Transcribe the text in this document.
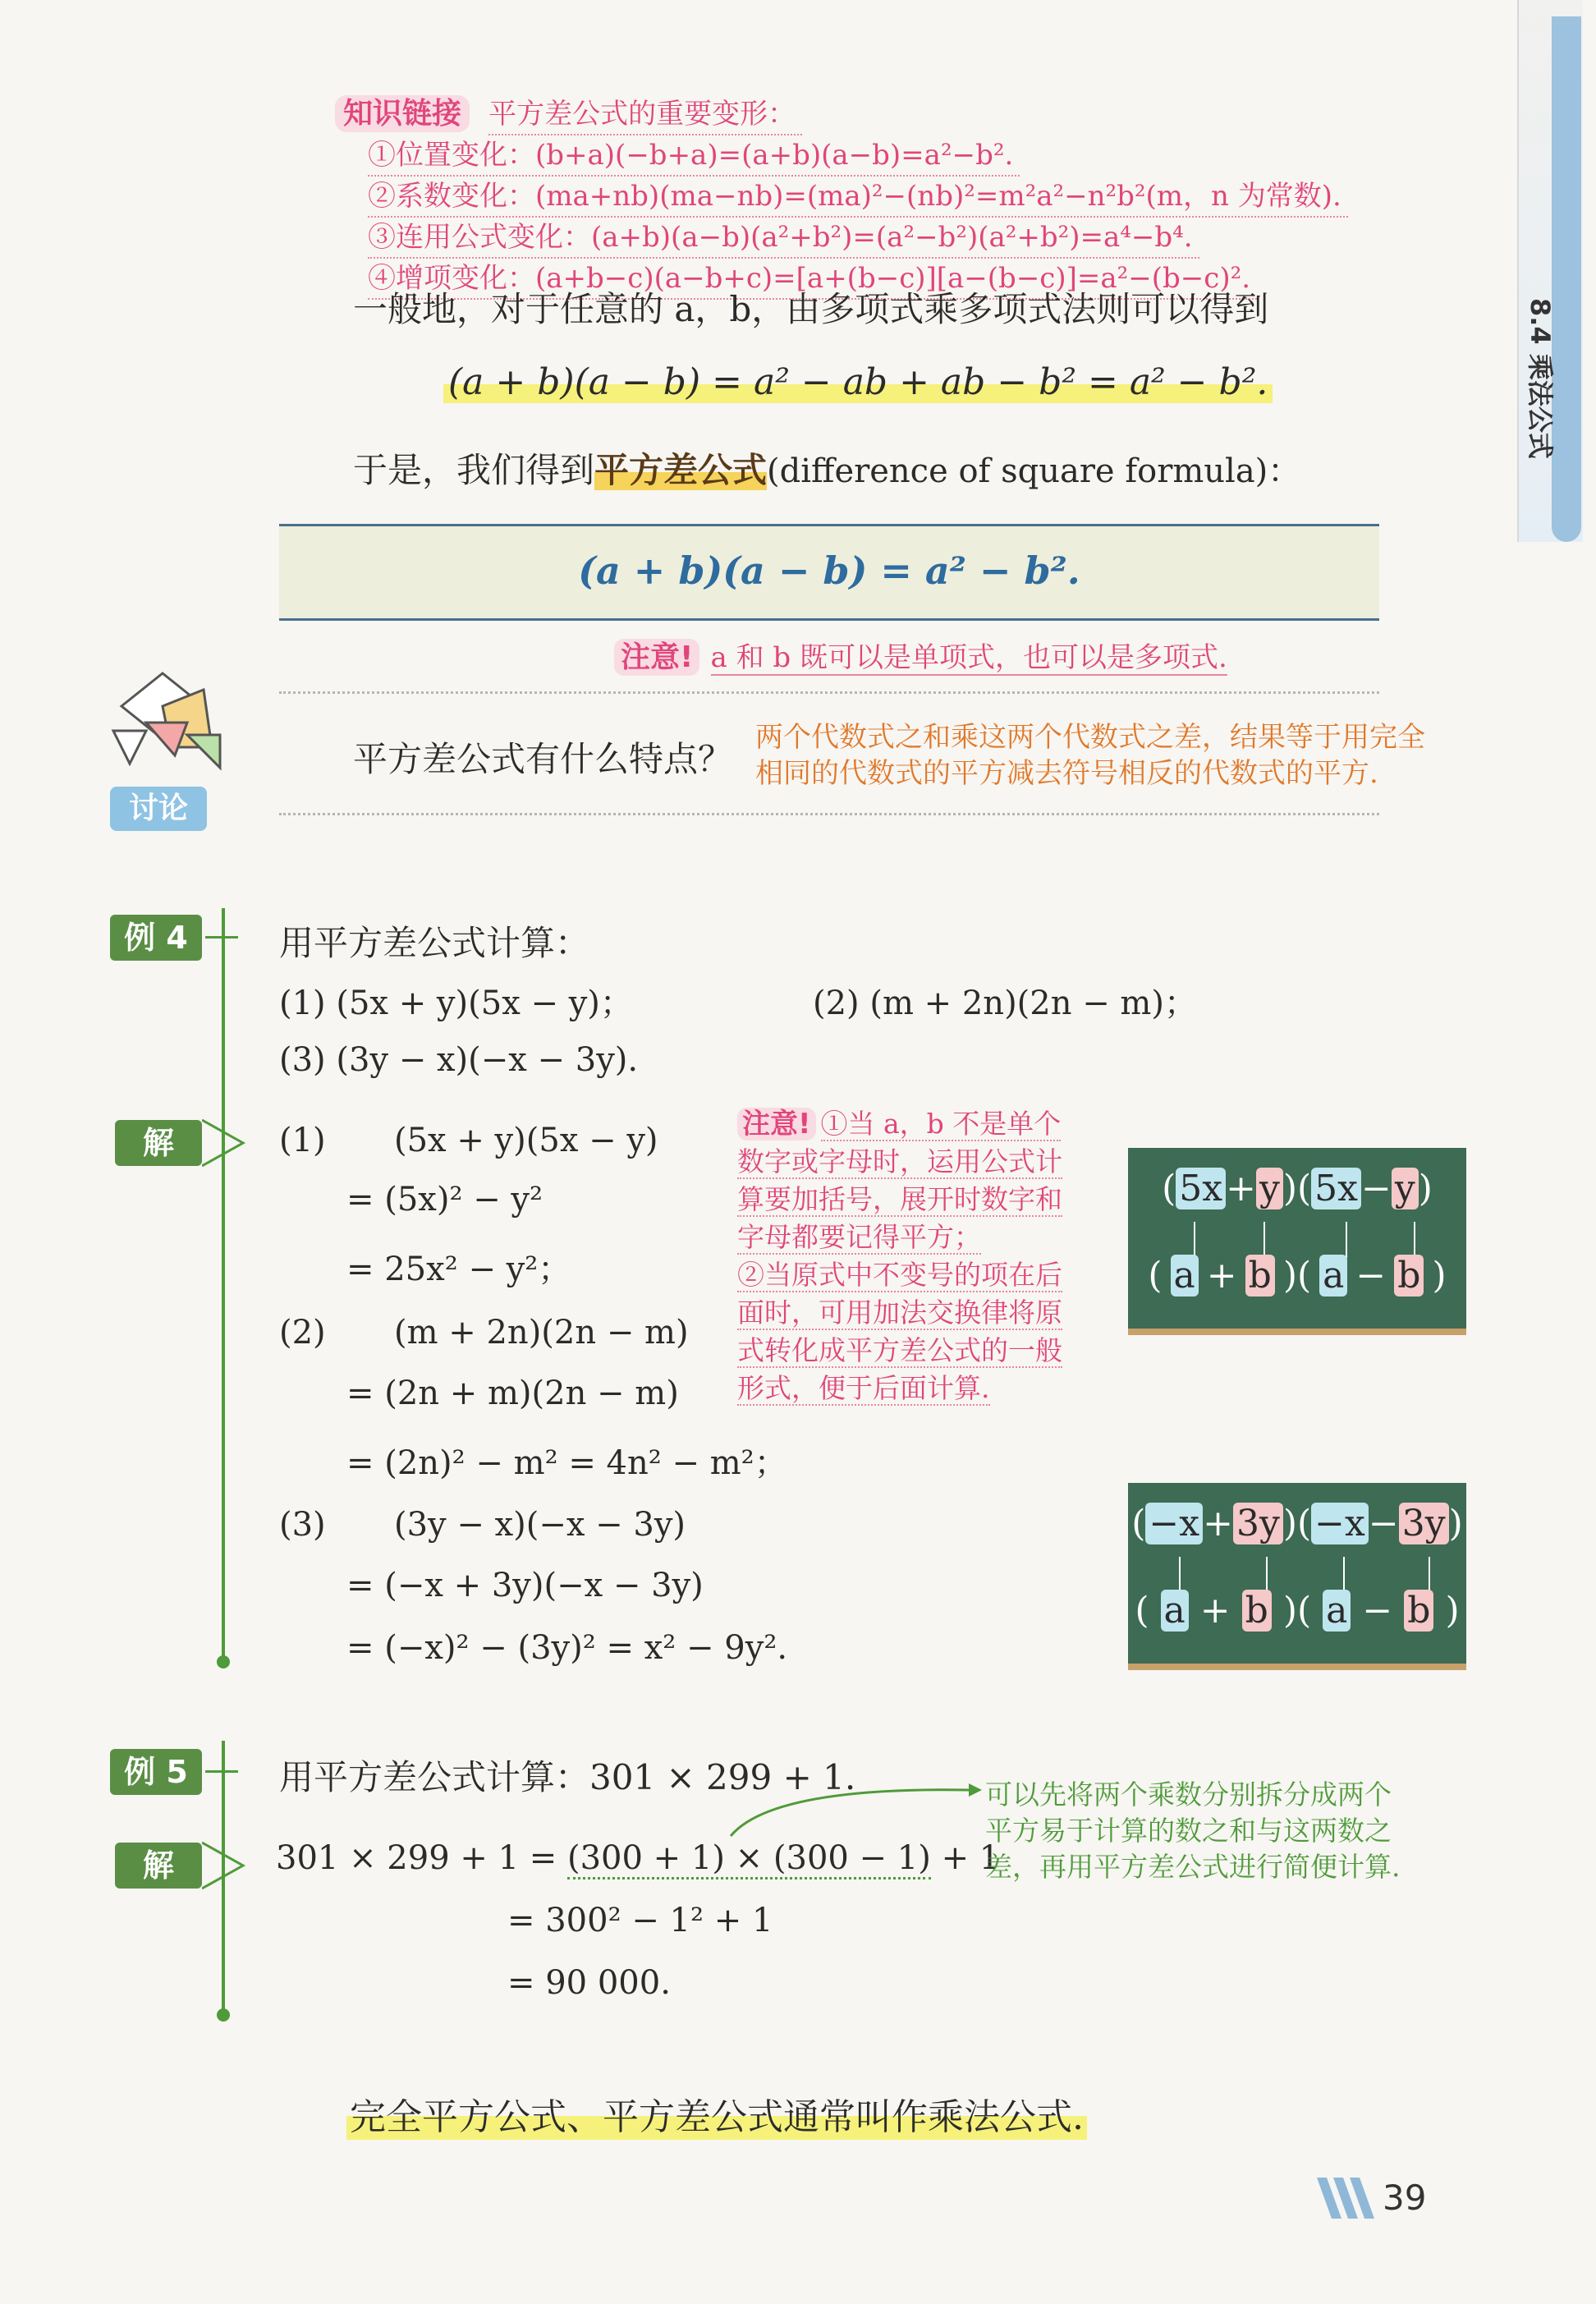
8.4 乘法公式
知识链接 平方差公式的重要变形：
①位置变化：(b+a)(−b+a)=(a+b)(a−b)=a²−b².
②系数变化：(ma+nb)(ma−nb)=(ma)²−(nb)²=m²a²−n²b²(m，n 为常数).
③连用公式变化：(a+b)(a−b)(a²+b²)=(a²−b²)(a²+b²)=a⁴−b⁴.
④增项变化：(a+b−c)(a−b+c)=[a+(b−c)][a−(b−c)]=a²−(b−c)².
一般地，对于任意的 a，b，由多项式乘多项式法则可以得到
(a + b)(a − b) = a² − ab + ab − b² = a² − b².
于是，我们得到平方差公式(difference of square formula)：
(a + b)(a − b) = a² − b².
注意! a 和 b 既可以是单项式，也可以是多项式.
讨论
平方差公式有什么特点？
两个代数式之和乘这两个代数式之差，结果等于用完全
相同的代数式的平方减去符号相反的代数式的平方.
例 4	用平方差公式计算：
(1) (5x + y)(5x − y)；	(2) (m + 2n)(2n − m)；
(3) (3y − x)(−x − 3y).
解	(1) (5x + y)(5x − y)
= (5x)² − y²
= 25x² − y²；
(2) (m + 2n)(2n − m)
= (2n + m)(2n − m)
= (2n)² − m² = 4n² − m²；
(3) (3y − x)(−x − 3y)
= (−x + 3y)(−x − 3y)
= (−x)² − (3y)² = x² − 9y².
注意! ①当 a，b 不是单个
数字或字母时，运用公式计
算要加括号，展开时数字和
字母都要记得平方；
②当原式中不变号的项在后
面时，可用加法交换律将原
式转化成平方差公式的一般
形式，便于后面计算.
(5x+y)(5x−y)
( a + b )( a − b )
(−x+3y)(−x−3y)
( a + b )( a − b )
例 5	用平方差公式计算：301 × 299 + 1.
解	301 × 299 + 1 = (300 + 1) × (300 − 1) + 1
= 300² − 1² + 1
= 90 000.
可以先将两个乘数分别拆分成两个
平方易于计算的数之和与这两数之
差，再用平方差公式进行简便计算.
完全平方公式、平方差公式通常叫作乘法公式.
39
